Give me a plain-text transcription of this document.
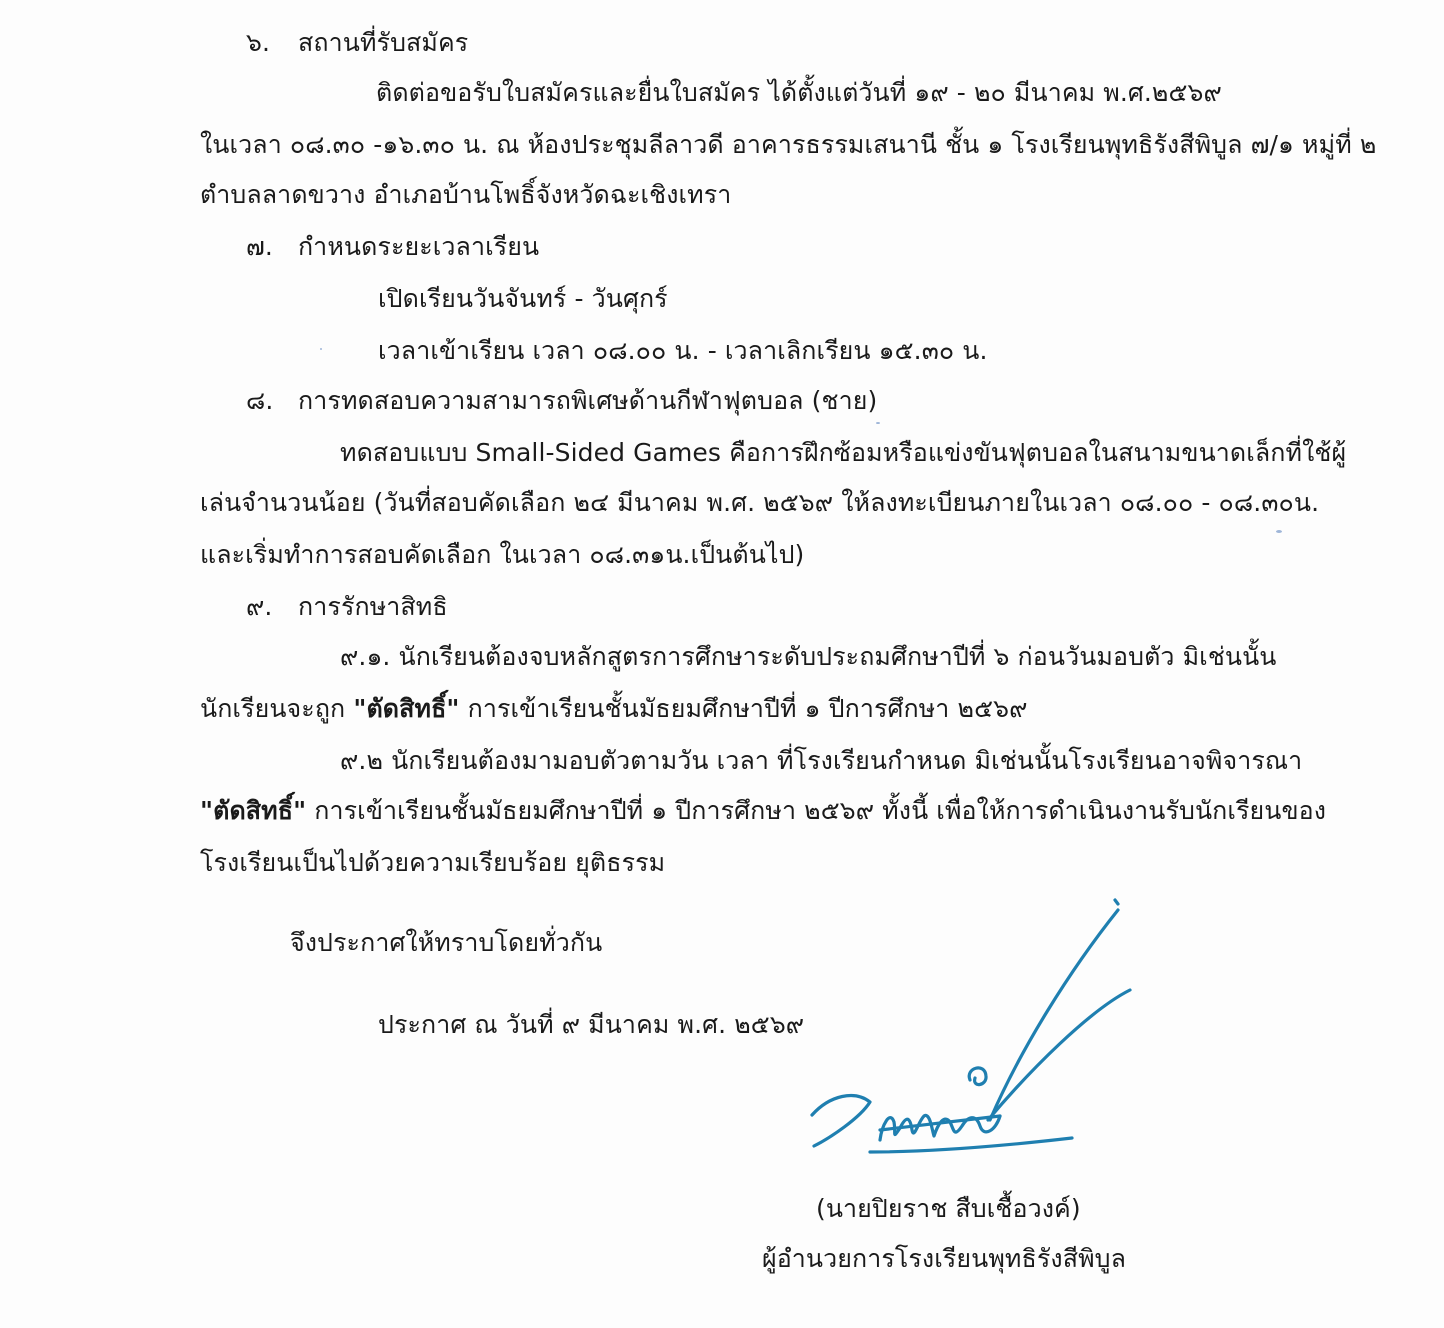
๖. สถานที่รับสมัคร
ติดต่อขอรับใบสมัครและยื่นใบสมัคร ได้ตั้งแต่วันที่ ๑๙ - ๒๐ มีนาคม พ.ศ.๒๕๖๙
ในเวลา ๐๘.๓๐ -๑๖.๓๐ น. ณ ห้องประชุมลีลาวดี อาคารธรรมเสนานี ชั้น ๑ โรงเรียนพุทธิรังสีพิบูล ๗/๑ หมู่ที่ ๒
ตำบลลาดขวาง อำเภอบ้านโพธิ์จังหวัดฉะเชิงเทรา
๗. กำหนดระยะเวลาเรียน
เปิดเรียนวันจันทร์ - วันศุกร์
เวลาเข้าเรียน เวลา ๐๘.๐๐ น. - เวลาเลิกเรียน ๑๕.๓๐ น.
๘. การทดสอบความสามารถพิเศษด้านกีฬาฟุตบอล (ชาย)
ทดสอบแบบ Small-Sided Games คือการฝึกซ้อมหรือแข่งขันฟุตบอลในสนามขนาดเล็กที่ใช้ผู้
เล่นจำนวนน้อย (วันที่สอบคัดเลือก ๒๔ มีนาคม พ.ศ. ๒๕๖๙ ให้ลงทะเบียนภายในเวลา ๐๘.๐๐ - ๐๘.๓๐น.
และเริ่มทำการสอบคัดเลือก ในเวลา ๐๘.๓๑น.เป็นต้นไป)
๙. การรักษาสิทธิ
๙.๑. นักเรียนต้องจบหลักสูตรการศึกษาระดับประถมศึกษาปีที่ ๖ ก่อนวันมอบตัว มิเช่นนั้น
นักเรียนจะถูก "ตัดสิทธิ์" การเข้าเรียนชั้นมัธยมศึกษาปีที่ ๑ ปีการศึกษา ๒๕๖๙
๙.๒ นักเรียนต้องมามอบตัวตามวัน เวลา ที่โรงเรียนกำหนด มิเช่นนั้นโรงเรียนอาจพิจารณา
"ตัดสิทธิ์" การเข้าเรียนชั้นมัธยมศึกษาปีที่ ๑ ปีการศึกษา ๒๕๖๙ ทั้งนี้ เพื่อให้การดำเนินงานรับนักเรียนของ
โรงเรียนเป็นไปด้วยความเรียบร้อย ยุติธรรม
จึงประกาศให้ทราบโดยทั่วกัน
ประกาศ ณ วันที่ ๙ มีนาคม พ.ศ. ๒๕๖๙
(นายปิยราช สืบเชื้อวงค์)
ผู้อำนวยการโรงเรียนพุทธิรังสีพิบูล
